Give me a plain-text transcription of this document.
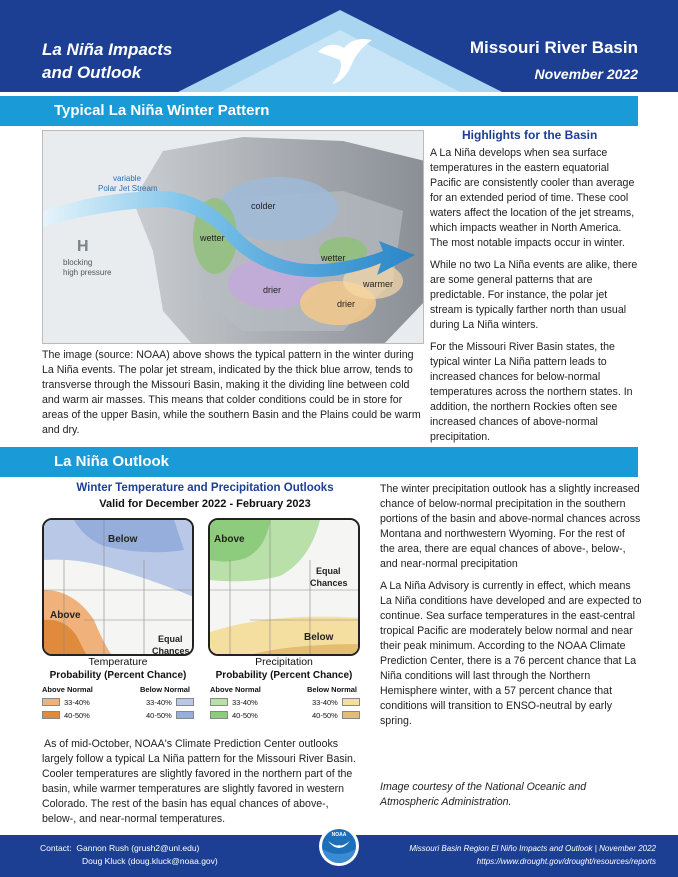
La Niña Impacts
and Outlook
Missouri River Basin
November 2022
Typical La Niña Winter Pattern
variable
Polar Jet Stream
H
blocking
high pressure
colder
wetter
wetter
drier
drier
warmer
The image (source: NOAA) above shows the typical pattern in the winter during La Niña events. The polar jet stream, indicated by the thick blue arrow, tends to transverse through the Missouri Basin, making it the dividing line between cold and warm air masses. This means that colder conditions could be in store for areas of the upper Basin, while the southern Basin and the Plains could be warm and dry.
Highlights for the Basin

A La Niña develops when sea surface temperatures in the eastern equatorial Pacific are consistently cooler than average for an extended period of time. These cool waters affect the location of the jet streams, which impacts weather in North America. The most notable impacts occur in winter.

While no two La Niña events are alike, there are some general patterns that are predictable. For instance, the polar jet stream is typically farther north than usual during La Niña winters.

For the Missouri River Basin states, the typical winter La Niña pattern leads to increased chances for below-normal temperatures across the northern states. In addition, the northern Rockies often see increased chances of above-normal precipitation.

La Niña Outlook
Winter Temperature and Precipitation Outlooks
Valid for December 2022 - February 2023
Below
Above
Equal
Chances
Temperature
Probability (Percent Chance)
Above Normal	Below Normal
33-40%
40-50%
33-40%
40-50%
Above
Equal
Chances
Below
Precipitation
Probability (Percent Chance)
Above Normal	Below Normal
33-40%
40-50%
33-40%
40-50%
As of mid-October, NOAA's Climate Prediction Center outlooks largely follow a typical La Niña pattern for the Missouri River Basin. Cooler temperatures are slightly favored in the northern part of the basin, while warmer temperatures are slightly favored in western Colorado. The rest of the basin has equal chances of above-, below-, and near-normal temperatures.

The winter precipitation outlook has a slightly increased chance of below-normal precipitation in the southern portions of the basin and above-normal chances across Montana and northwestern Wyoming. For the rest of the area, there are equal chances of above-, below-, and near-normal precipitation

A La Niña Advisory is currently in effect, which means La Niña conditions have developed and are expected to continue. Sea surface temperatures in the east-central tropical Pacific are moderately below normal and near their peak minimum. According to the NOAA Climate Prediction Center, there is a 76 percent chance that La Niña conditions will last through the Northern Hemisphere winter, with a 57 percent chance that conditions will transition to ENSO-neutral by early spring.

Image courtesy of the National Oceanic and Atmospheric Administration.
Contact: Gannon Rush (grush2@unl.edu)
Doug Kluck (doug.kluck@noaa.gov)
NOAA
Missouri Basin Region El Niño Impacts and Outlook | November 2022
https://www.drought.gov/drought/resources/reports
